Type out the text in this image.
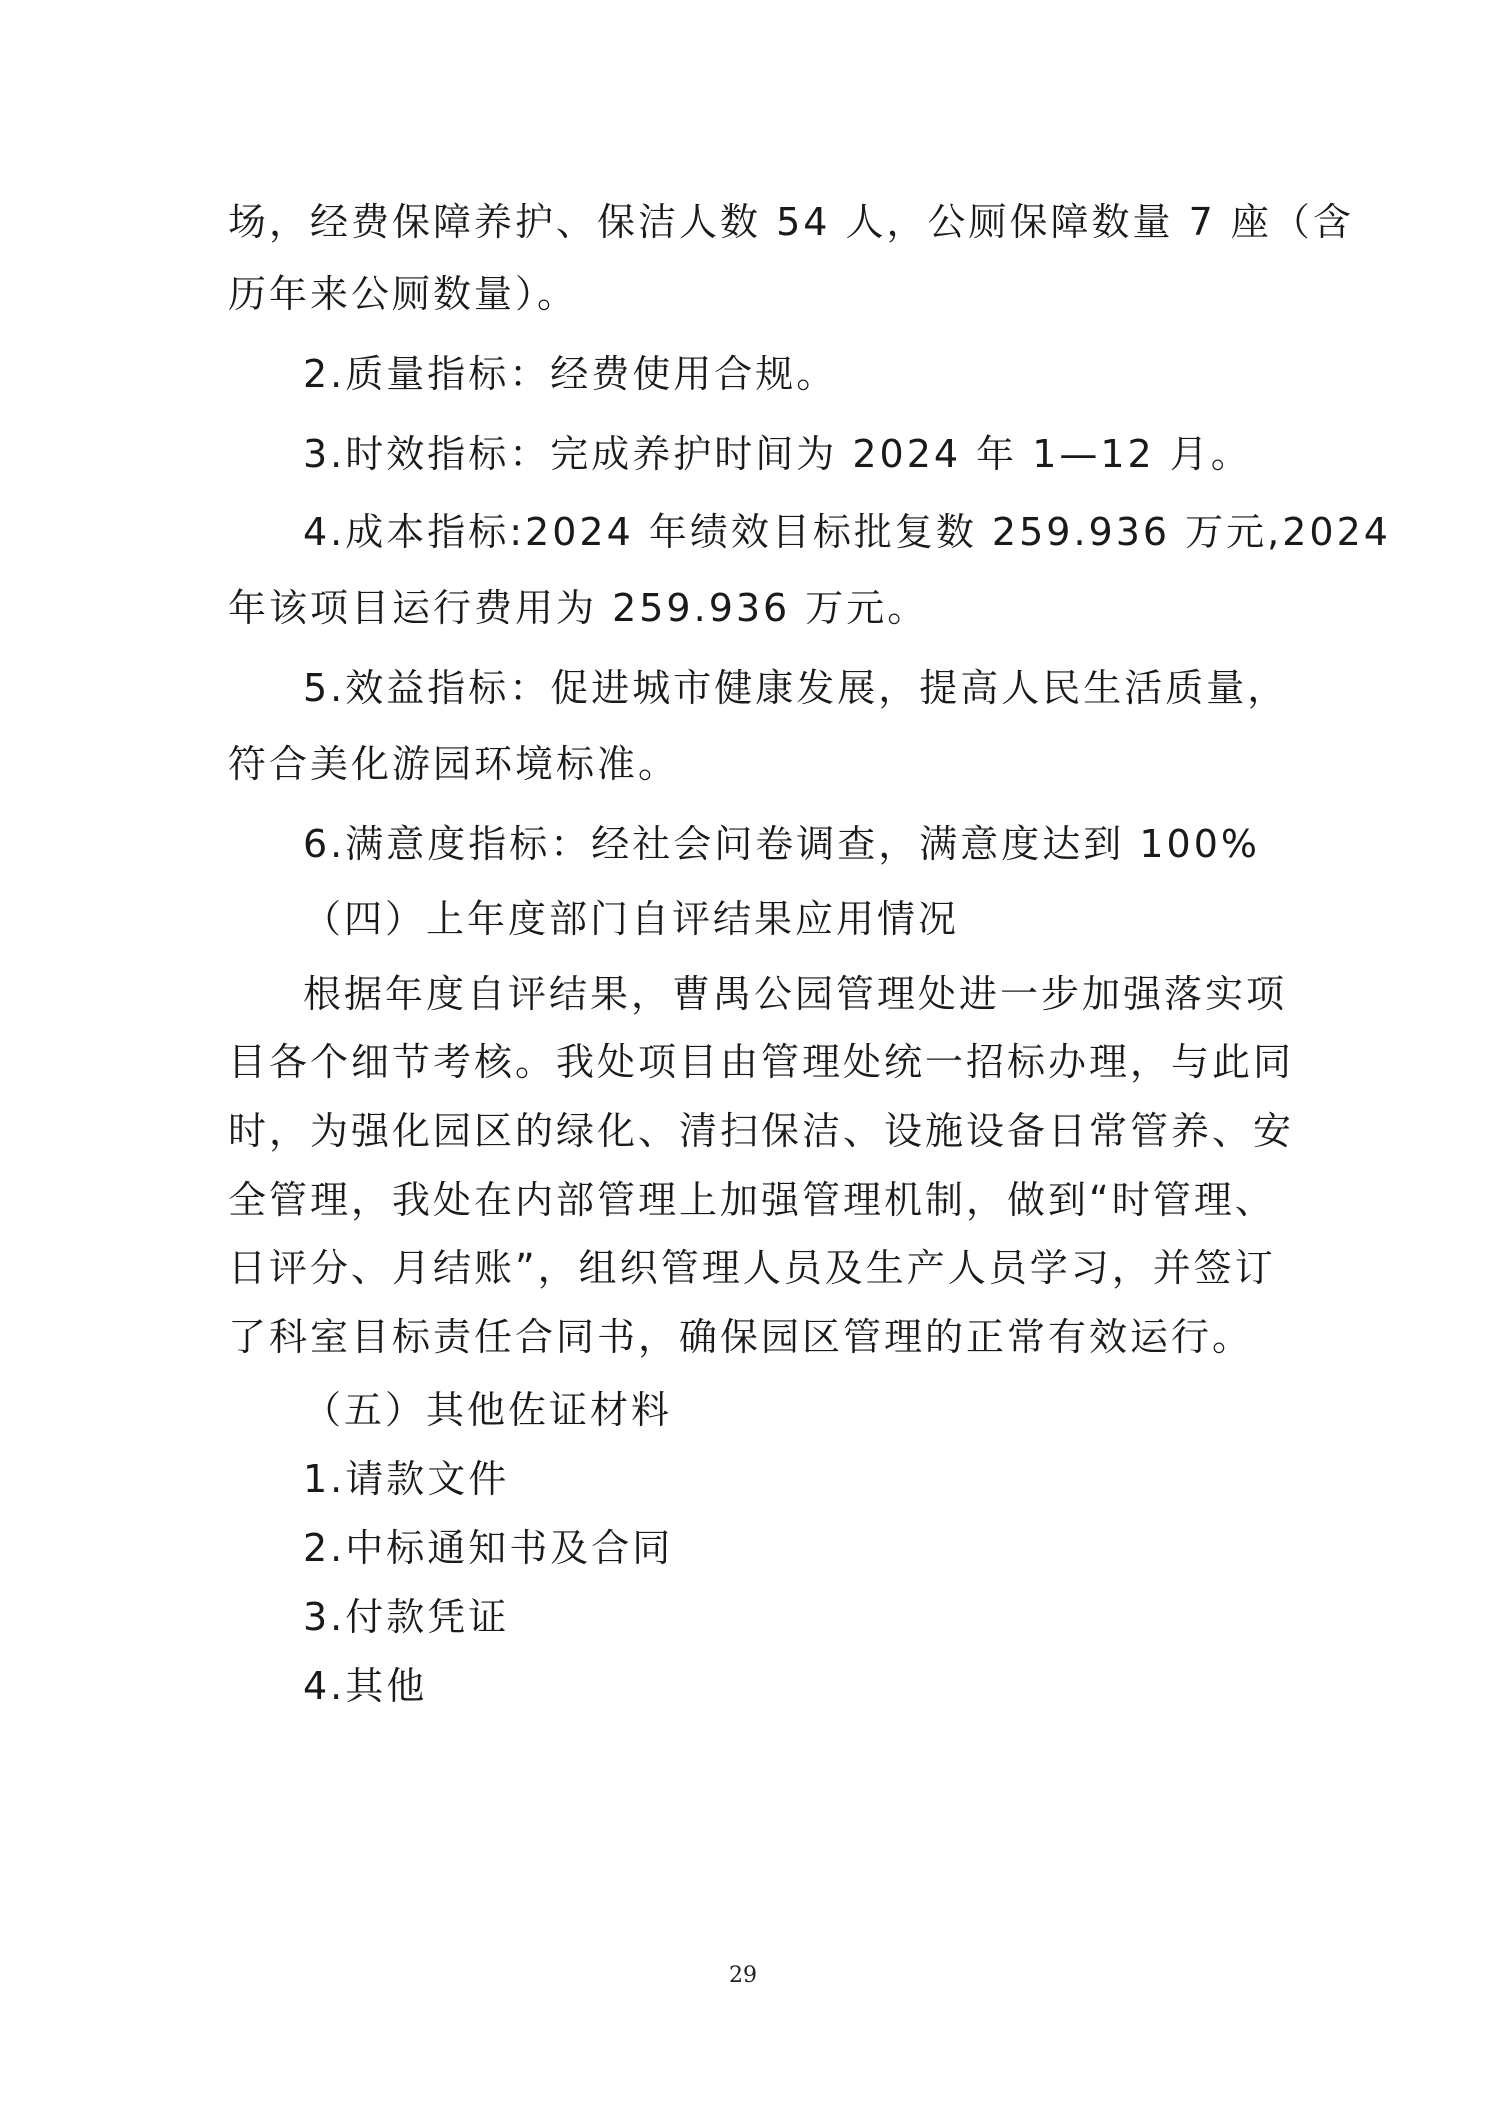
场，经费保障养护、保洁人数 54 人，公厕保障数量 7 座（含
历年来公厕数量）。
2.质量指标：经费使用合规。
3.时效指标：完成养护时间为 2024 年 1—12 月。
4.成本指标:2024 年绩效目标批复数 259.936 万元,2024
年该项目运行费用为 259.936 万元。
5.效益指标：促进城市健康发展，提高人民生活质量，
符合美化游园环境标准。
6.满意度指标：经社会问卷调查，满意度达到 100%
（四）上年度部门自评结果应用情况
根据年度自评结果，曹禺公园管理处进一步加强落实项
目各个细节考核。我处项目由管理处统一招标办理，与此同
时，为强化园区的绿化、清扫保洁、设施设备日常管养、安
全管理，我处在内部管理上加强管理机制，做到“时管理、
日评分、月结账”，组织管理人员及生产人员学习，并签订
了科室目标责任合同书，确保园区管理的正常有效运行。
（五）其他佐证材料
1.请款文件
2.中标通知书及合同
3.付款凭证
4.其他
29
